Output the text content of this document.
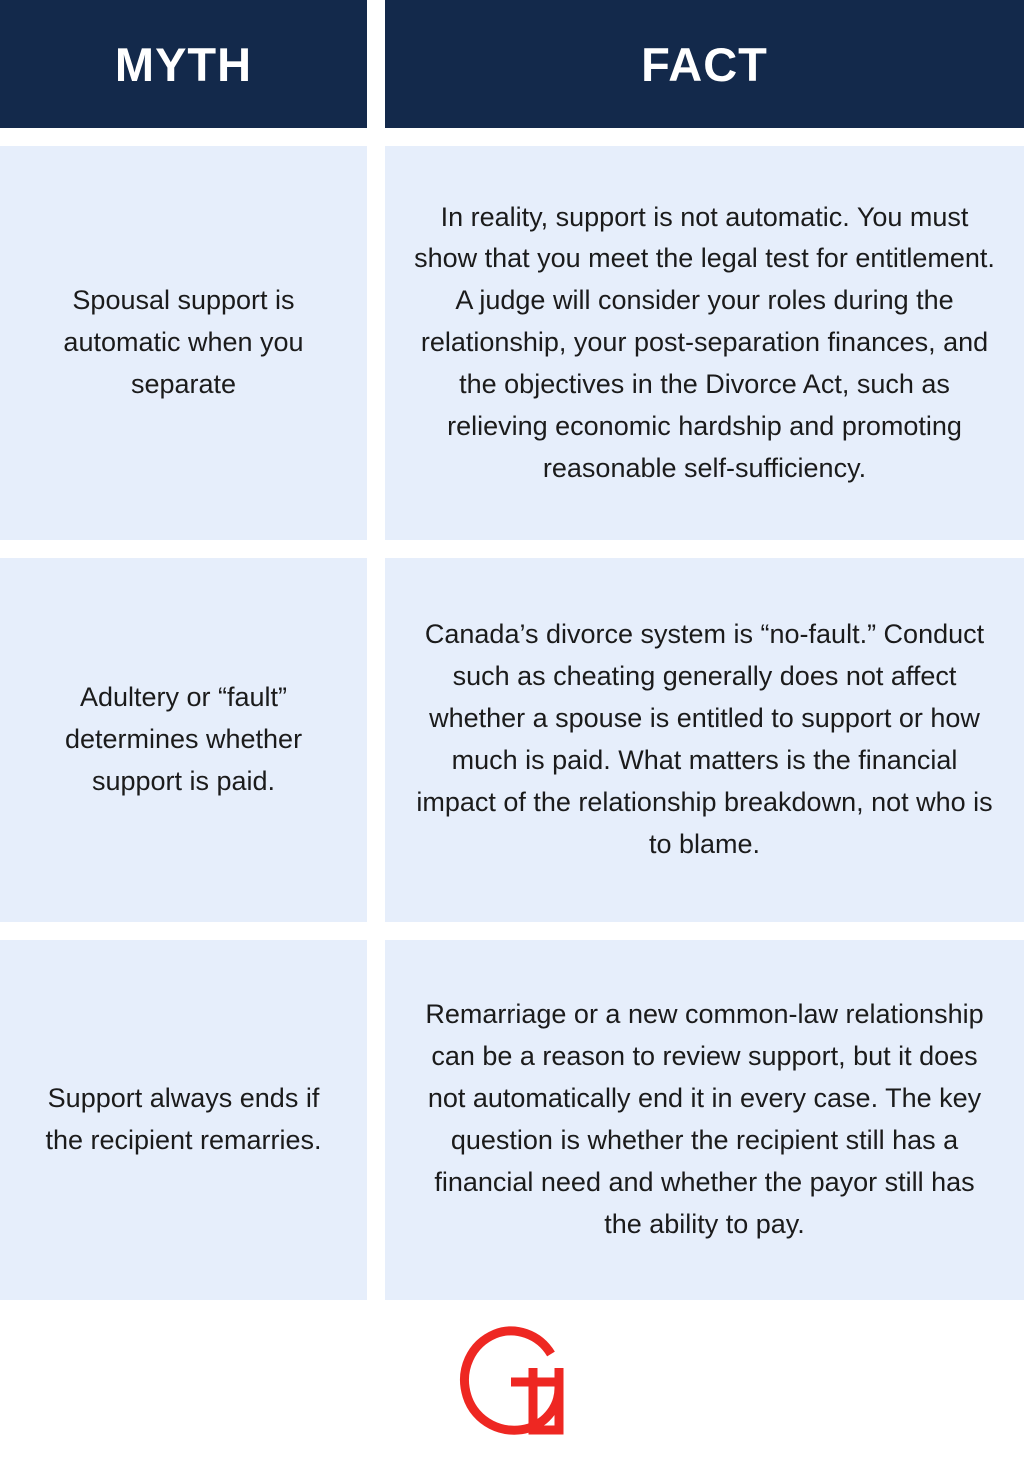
MYTH	FACT
Spousal support is automatic when you separate
In reality, support is not automatic. You must show that you meet the legal test for entitlement. A judge will consider your roles during the relationship, your post-separation finances, and the objectives in the Divorce Act, such as relieving economic hardship and promoting reasonable self-sufficiency.
Adultery or “fault” determines whether support is paid.
Canada’s divorce system is “no-fault.” Conduct such as cheating generally does not affect whether a spouse is entitled to support or how much is paid. What matters is the financial impact of the relationship breakdown, not who is to blame.
Support always ends if the recipient remarries.
Remarriage or a new common-law relationship can be a reason to review support, but it does not automatically end it in every case. The key question is whether the recipient still has a financial need and whether the payor still has the ability to pay.
